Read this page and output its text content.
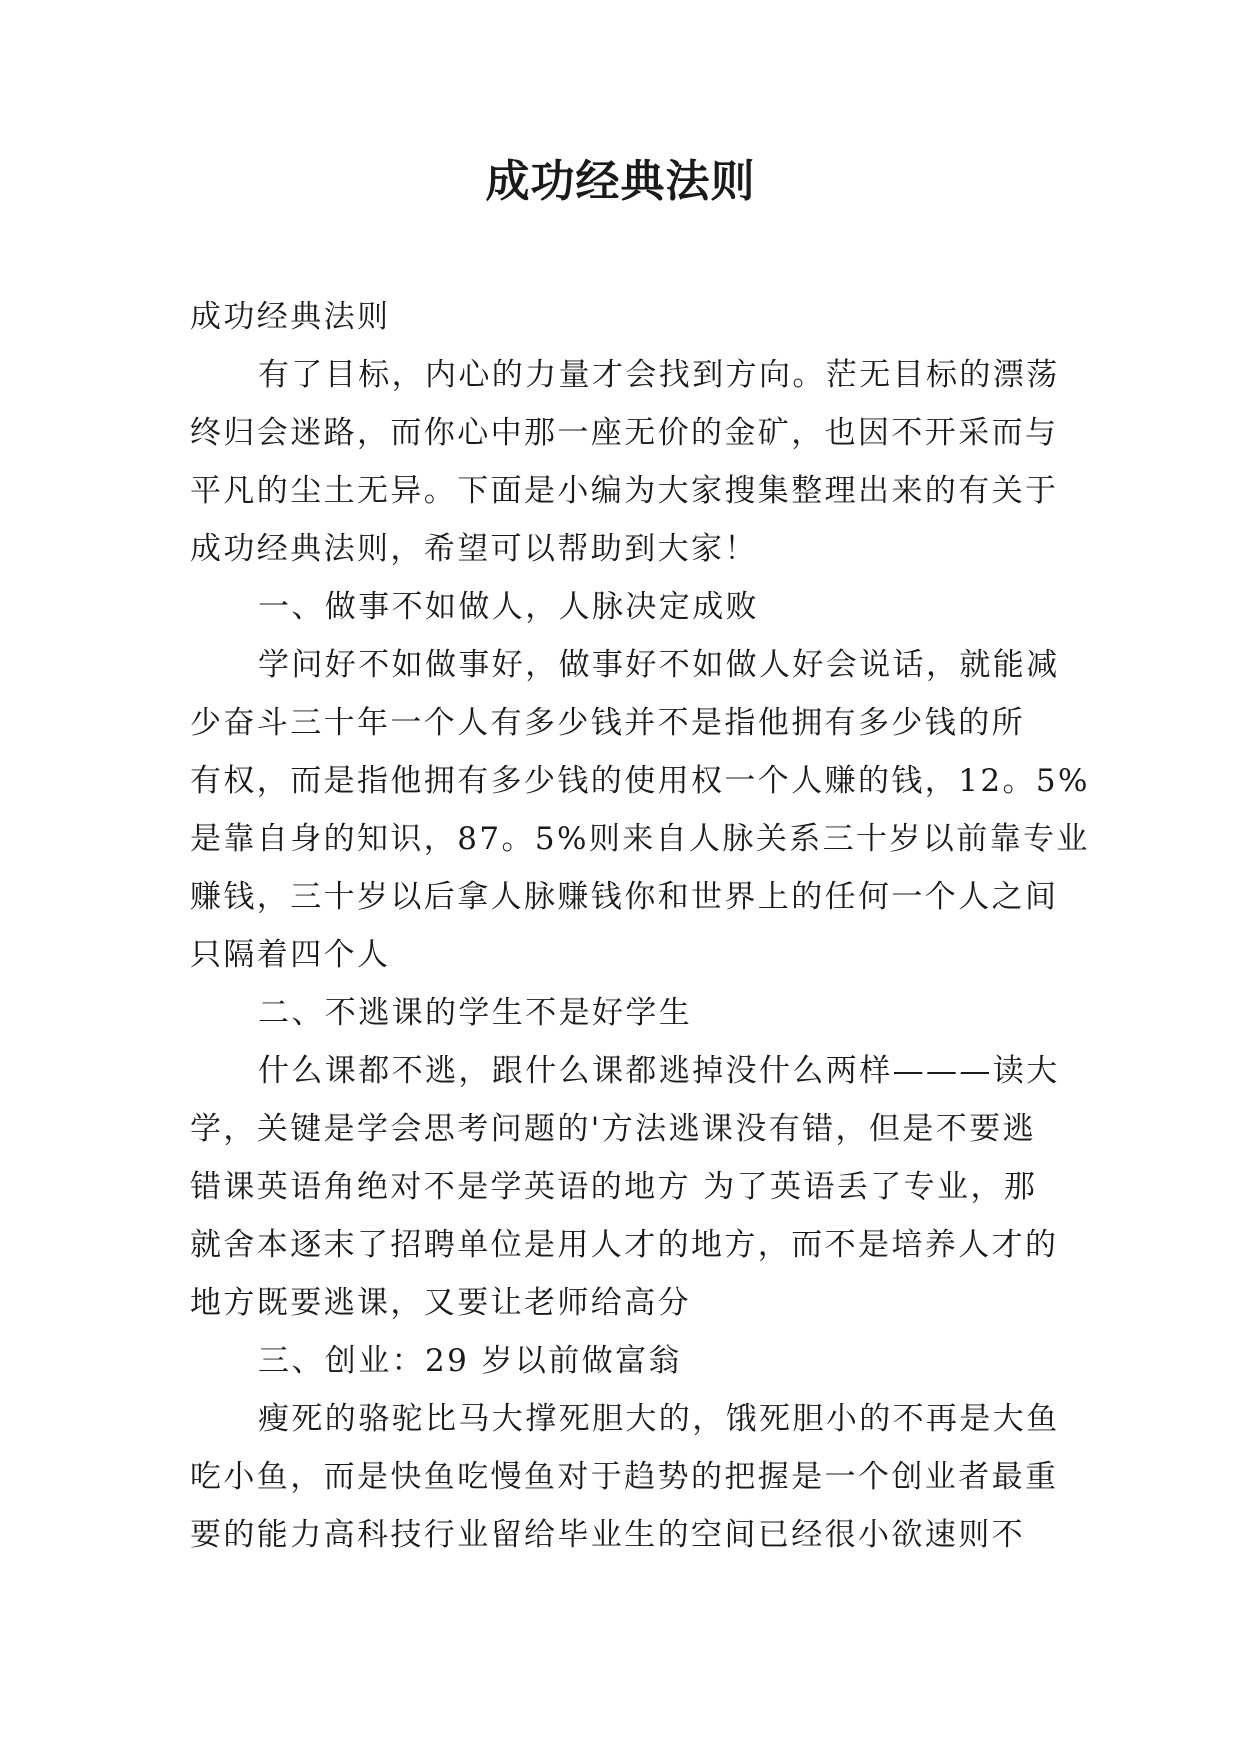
成功经典法则
成功经典法则
有了目标，内心的力量才会找到方向。茫无目标的漂荡
终归会迷路，而你心中那一座无价的金矿，也因不开采而与
平凡的尘土无异。下面是小编为大家搜集整理出来的有关于
成功经典法则，希望可以帮助到大家！
一、做事不如做人，人脉决定成败
学问好不如做事好，做事好不如做人好会说话，就能减
少奋斗三十年一个人有多少钱并不是指他拥有多少钱的所
有权，而是指他拥有多少钱的使用权一个人赚的钱，12。5%
是靠自身的知识，87。5%则来自人脉关系三十岁以前靠专业
赚钱，三十岁以后拿人脉赚钱你和世界上的任何一个人之间
只隔着四个人
二、不逃课的学生不是好学生
什么课都不逃，跟什么课都逃掉没什么两样———读大
学，关键是学会思考问题的'方法逃课没有错，但是不要逃
错课英语角绝对不是学英语的地方 为了英语丢了专业，那
就舍本逐末了招聘单位是用人才的地方，而不是培养人才的
地方既要逃课，又要让老师给高分
三、创业：29 岁以前做富翁
瘦死的骆驼比马大撑死胆大的，饿死胆小的不再是大鱼
吃小鱼，而是快鱼吃慢鱼对于趋势的把握是一个创业者最重
要的能力高科技行业留给毕业生的空间已经很小欲速则不
